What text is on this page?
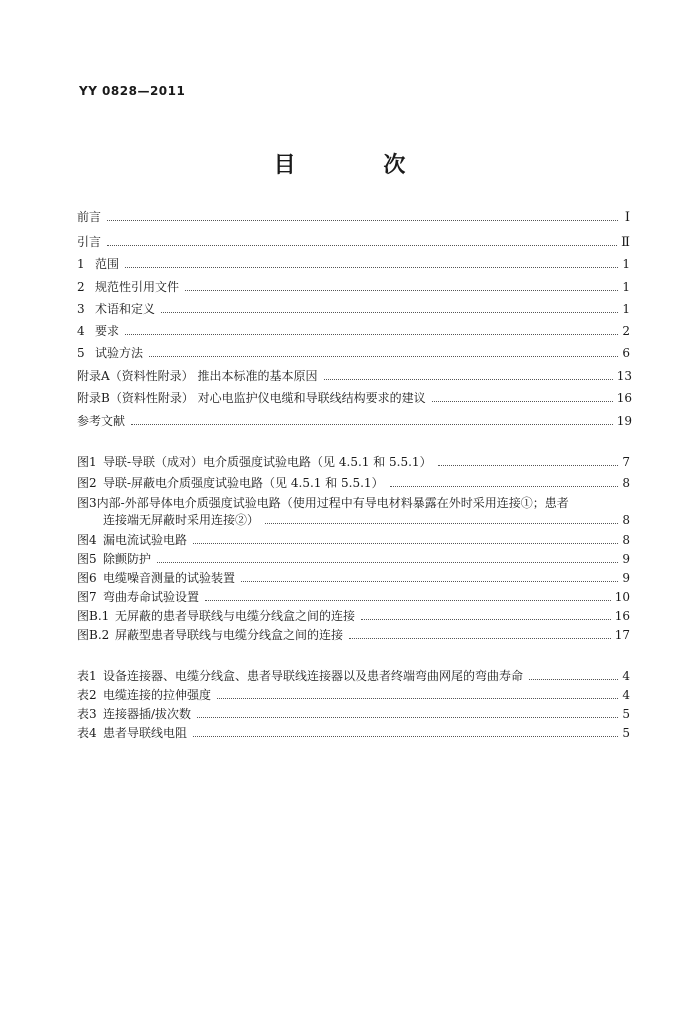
YY 0828—2011
目 次
前言	Ⅰ
引言	Ⅱ
1 范围	1
2 规范性引用文件	1
3 术语和定义	1
4 要求	2
5 试验方法	6
附录A（资料性附录） 推出本标准的基本原因	13
附录B（资料性附录） 对心电监护仪电缆和导联线结构要求的建议	16
参考文献	19
图1 导联-导联（成对）电介质强度试验电路（见 4.5.1 和 5.5.1）	7
图2 导联-屏蔽电介质强度试验电路（见 4.5.1 和 5.5.1）	8
图3内部-外部导体电介质强度试验电路（使用过程中有导电材料暴露在外时采用连接①；患者
连接端无屏蔽时采用连接②）	8
图4 漏电流试验电路	8
图5 除颤防护	9
图6 电缆噪音测量的试验装置	9
图7 弯曲寿命试验设置	10
图B.1 无屏蔽的患者导联线与电缆分线盒之间的连接	16
图B.2 屏蔽型患者导联线与电缆分线盒之间的连接	17
表1 设备连接器、电缆分线盒、患者导联线连接器以及患者终端弯曲网尾的弯曲寿命	4
表2 电缆连接的拉伸强度	4
表3 连接器插/拔次数	5
表4 患者导联线电阻	5
